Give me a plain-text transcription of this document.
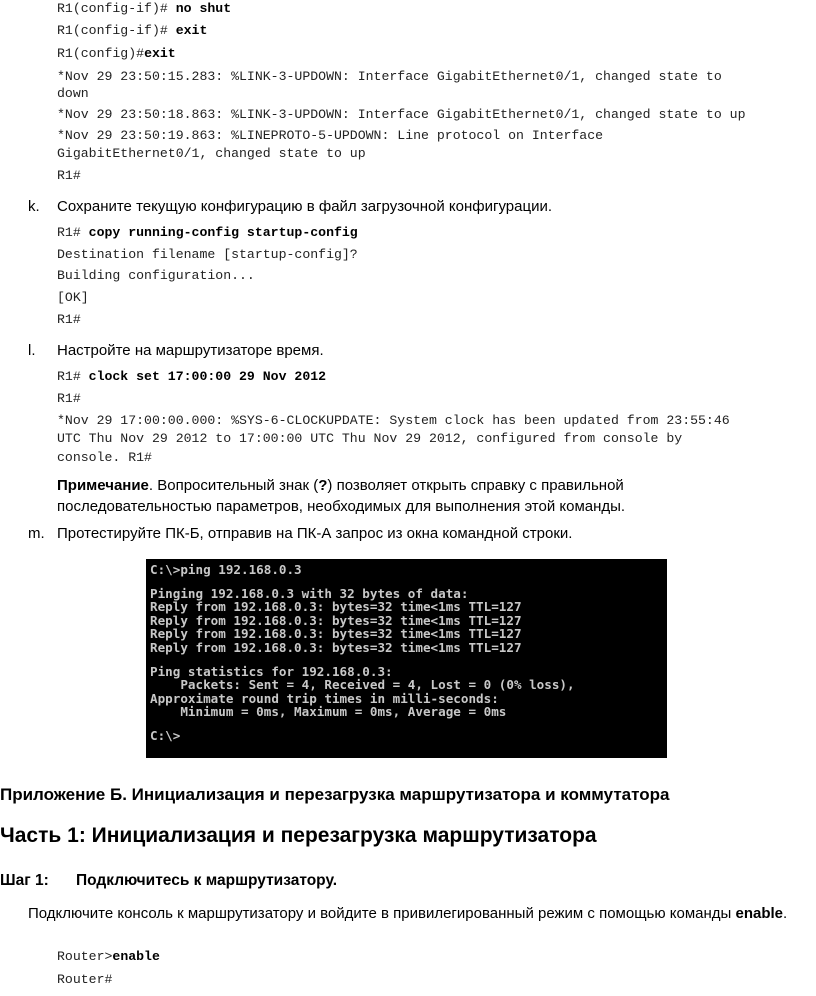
R1(config-if)# no shut
R1(config-if)# exit
R1(config)#exit
*Nov 29 23:50:15.283: %LINK-3-UPDOWN: Interface GigabitEthernet0/1, changed state to
down
*Nov 29 23:50:18.863: %LINK-3-UPDOWN: Interface GigabitEthernet0/1, changed state to up
*Nov 29 23:50:19.863: %LINEPROTO-5-UPDOWN: Line protocol on Interface
GigabitEthernet0/1, changed state to up
R1#
k. Сохраните текущую конфигурацию в файл загрузочной конфигурации.
R1# copy running-config startup-config
Destination filename [startup-config]?
Building configuration...
[OK]
R1#
l. Настройте на маршрутизаторе время.
R1# clock set 17:00:00 29 Nov 2012
R1#
*Nov 29 17:00:00.000: %SYS-6-CLOCKUPDATE: System clock has been updated from 23:55:46
UTC Thu Nov 29 2012 to 17:00:00 UTC Thu Nov 29 2012, configured from console by
console. R1#
Примечание. Вопросительный знак (?) позволяет открыть справку с правильной последовательностью параметров, необходимых для выполнения этой команды.
m. Протестируйте ПК-Б, отправив на ПК-А запрос из окна командной строки.
C:\>ping 192.168.0.3
Pinging 192.168.0.3 with 32 bytes of data:
Reply from 192.168.0.3: bytes=32 time<1ms TTL=127
Reply from 192.168.0.3: bytes=32 time<1ms TTL=127
Reply from 192.168.0.3: bytes=32 time<1ms TTL=127
Reply from 192.168.0.3: bytes=32 time<1ms TTL=127
Ping statistics for 192.168.0.3:
Packets: Sent = 4, Received = 4, Lost = 0 (0% loss),
Approximate round trip times in milli-seconds:
Minimum = 0ms, Maximum = 0ms, Average = 0ms
C:\>
Приложение Б. Инициализация и перезагрузка маршрутизатора и коммутатора
Часть 1: Инициализация и перезагрузка маршрутизатора
Шаг 1: Подключитесь к маршрутизатору.
Подключите консоль к маршрутизатору и войдите в привилегированный режим с помощью команды enable.
Router>enable
Router#
